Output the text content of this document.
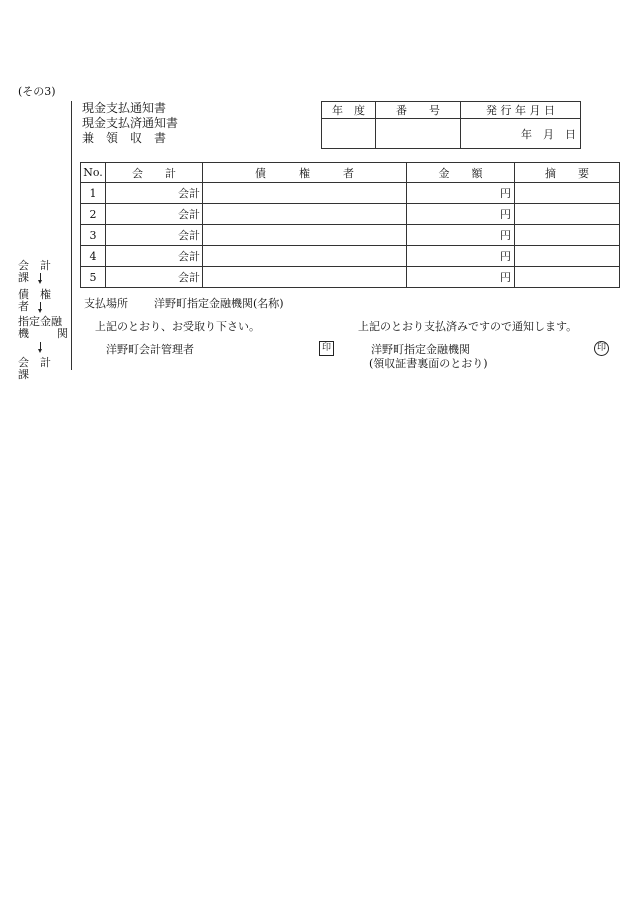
(その3)
現金支払通知書
現金支払済通知書
兼　領　収　書
年　度	番　　号	発 行 年 月 日
		年　月　日
No.	会　　計	債　　　権　　　者	金　　額	摘　　要
1	会計		円	
2	会計		円	
3	会計		円	
4	会計		円	
5	会計		円	
会　計　課
債　権　者
指定金融
機	関
会　計　課
支払場所 洋野町指定金融機関(名称)
上記のとおり、お受取り下さい。
洋野町会計管理者	印
上記のとおり支払済みですので通知します。
洋野町指定金融機関
(領収証書裏面のとおり)
印
